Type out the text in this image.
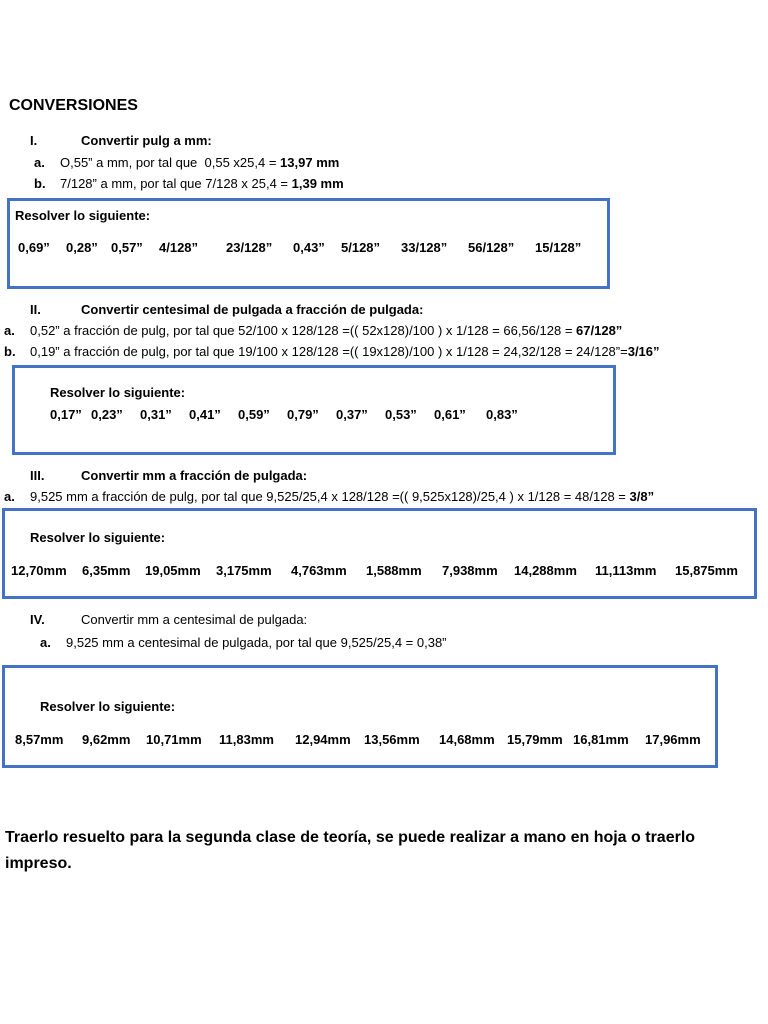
CONVERSIONES
I.	Convertir pulg a mm:
a. O,55” a mm, por tal que  0,55 x25,4 = 13,97 mm
b. 7/128” a mm, por tal que 7/128 x 25,4 = 1,39 mm
Resolver lo siguiente:
0,69” 0,28” 0,57” 4/128” 23/128” 0,43” 5/128” 33/128” 56/128” 15/128”
II.	Convertir centesimal de pulgada a fracción de pulgada:
a. 0,52” a fracción de pulg, por tal que 52/100 x 128/128 =(( 52x128)/100 ) x 1/128 = 66,56/128 = 67/128”
b. 0,19” a fracción de pulg, por tal que 19/100 x 128/128 =(( 19x128)/100 ) x 1/128 = 24,32/128 = 24/128”=3/16”
Resolver lo siguiente:
0,17” 0,23” 0,31” 0,41” 0,59” 0,79” 0,37” 0,53” 0,61” 0,83”
III.	Convertir mm a fracción de pulgada:
a. 9,525 mm a fracción de pulg, por tal que 9,525/25,4 x 128/128 =(( 9,525x128)/25,4 ) x 1/128 = 48/128 = 3/8”
Resolver lo siguiente:
12,70mm 6,35mm 19,05mm 3,175mm 4,763mm 1,588mm 7,938mm 14,288mm 11,113mm 15,875mm
IV.	Convertir mm a centesimal de pulgada:
a. 9,525 mm a centesimal de pulgada, por tal que 9,525/25,4 = 0,38”
Resolver lo siguiente:
8,57mm 9,62mm 10,71mm 11,83mm 12,94mm 13,56mm 14,68mm 15,79mm 16,81mm 17,96mm
Traerlo resuelto para la segunda clase de teoría, se puede realizar a mano en hoja o traerlo impreso.
